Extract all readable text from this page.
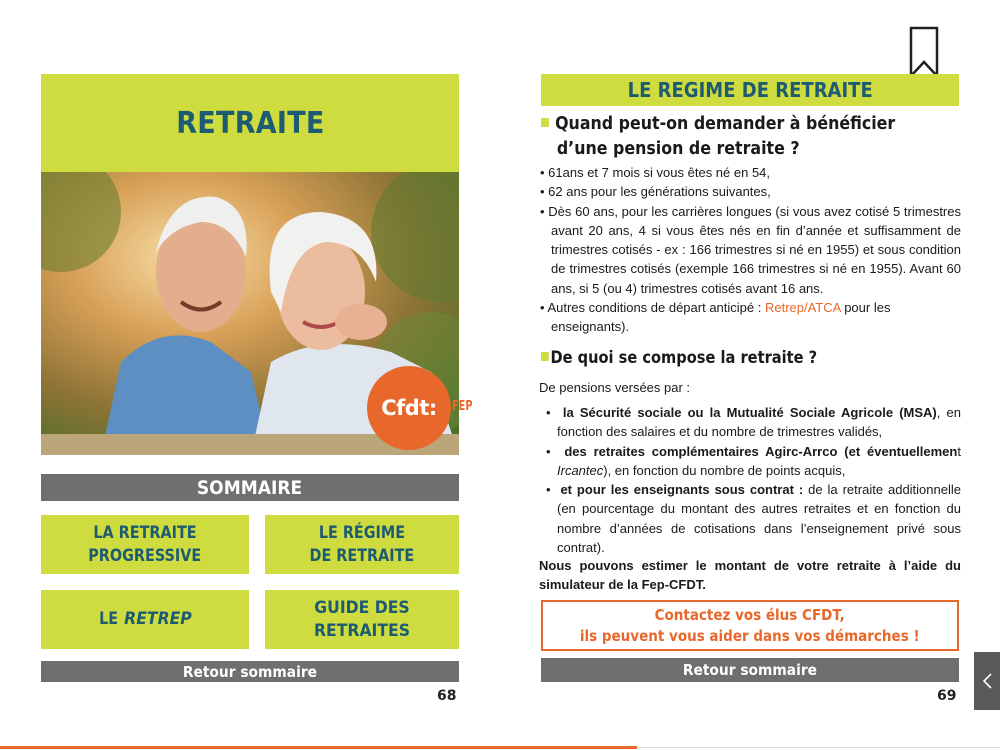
RETRAITE
Cfdt: FEP
SOMMAIRE
LA RETRAITE
PROGRESSIVE
LE RÉGIME
DE RETRAITE
LE RETREP
GUIDE DES RETRAITES
Retour sommaire
68
LE REGIME DE RETRAITE
Quand peut-on demander à bénéficier
d’une pension de retraite ?
• 61ans et 7 mois si vous êtes né en 54,
• 62 ans pour les générations suivantes,
• Dès 60 ans, pour les carrières longues (si vous avez cotisé 5 trimestres avant 20 ans, 4 si vous êtes nés en fin d’année et suffisamment de trimestres cotisés - ex : 166 trimestres si né en 1955) et sous condition de trimestres cotisés (exemple 166 trimestres si né en 1955). Avant 60 ans, si 5 (ou 4) trimestres cotisés avant 16 ans.
• Autres conditions de départ anticipé : Retrep/ATCA pour les enseignants).
De quoi se compose la retraite ?
De pensions versées par :
•  la Sécurité sociale ou la Mutualité Sociale Agricole (MSA), en fonction des salaires et du nombre de trimestres validés,
•  des retraites complémentaires Agirc-Arrco (et éventuellement Ircantec), en fonction du nombre de points acquis,
•  et pour les enseignants sous contrat : de la retraite additionnelle (en pourcentage du montant des autres retraites et en fonction du nombre d’années de cotisations dans l’enseignement privé sous contrat).
Nous pouvons estimer le montant de votre retraite à l’aide du simulateur de la Fep-CFDT.
Contactez vos élus CFDT,
ils peuvent vous aider dans vos démarches !
Retour sommaire
69
